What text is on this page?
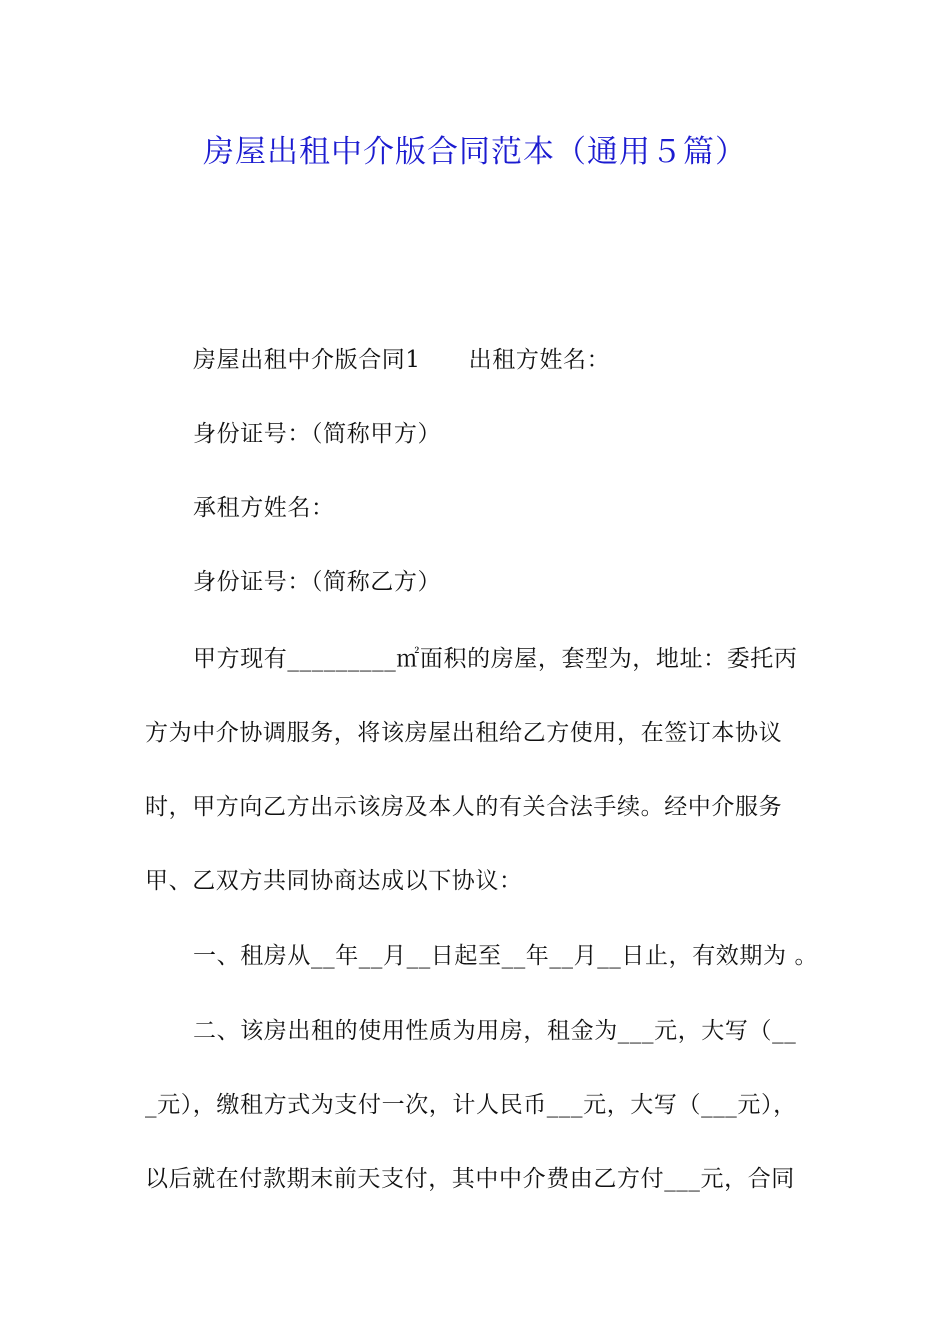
房屋出租中介版合同范本（通用５篇）
房屋出租中介版合同1 出租方姓名：
身份证号：（简称甲方）
承租方姓名：
身份证号：（简称乙方）
甲方现有_________㎡面积的房屋，套型为，地址：委托丙
方为中介协调服务，将该房屋出租给乙方使用，在签订本协议
时，甲方向乙方出示该房及本人的有关合法手续。经中介服务
甲、乙双方共同协商达成以下协议：
一、租房从__年__月__日起至__年__月__日止，有效期为 。
二、该房出租的使用性质为用房，租金为___元，大写（__
_元），缴租方式为支付一次，计人民币___元，大写（___元），
以后就在付款期末前天支付，其中中介费由乙方付___元，合同
